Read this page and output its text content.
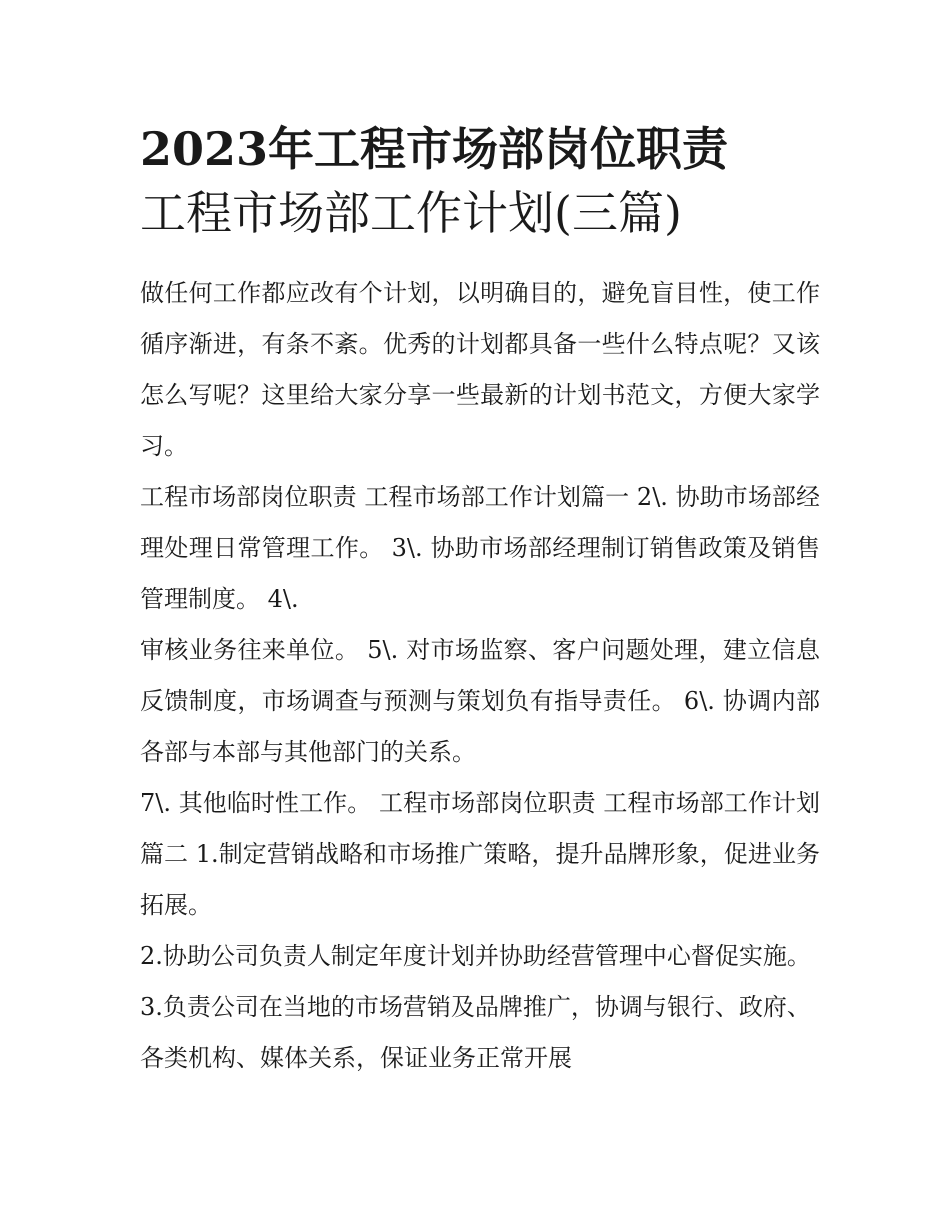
2023年工程市场部岗位职责
工程市场部工作计划(三篇)

做任何工作都应改有个计划，以明确目的，避免盲目性，使工作循序渐进，有条不紊。优秀的计划都具备一些什么特点呢？又该怎么写呢？这里给大家分享一些最新的计划书范文，方便大家学习。

工程市场部岗位职责 工程市场部工作计划篇一 2\. 协助市场部经理处理日常管理工作。 3\. 协助市场部经理制订销售政策及销售管理制度。 4\.

审核业务往来单位。 5\. 对市场监察、客户问题处理，建立信息反馈制度，市场调查与预测与策划负有指导责任。 6\. 协调内部各部与本部与其他部门的关系。

7\. 其他临时性工作。 工程市场部岗位职责 工程市场部工作计划篇二 1.制定营销战略和市场推广策略，提升品牌形象，促进业务拓展。

2.协助公司负责人制定年度计划并协助经营管理中心督促实施。 3.负责公司在当地的市场营销及品牌推广，协调与银行、政府、各类机构、媒体关系，保证业务正常开展
